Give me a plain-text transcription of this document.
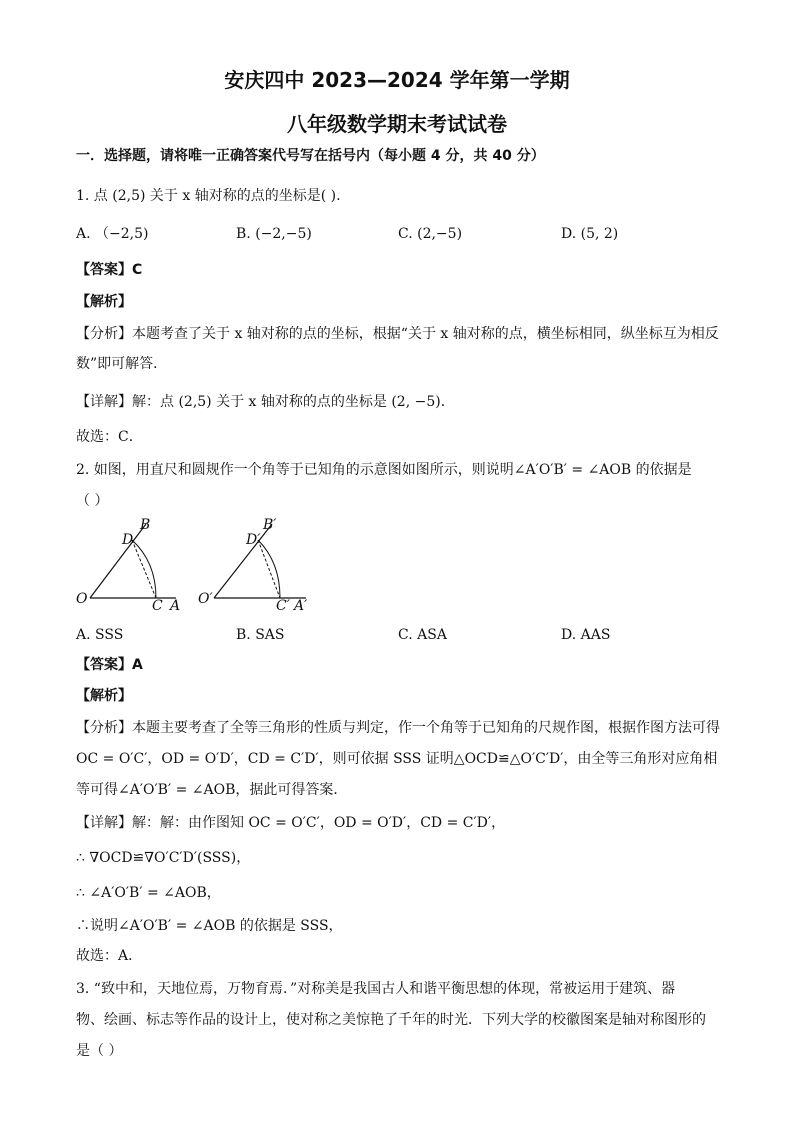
安庆四中 2023—2024 学年第一学期
八年级数学期末考试试卷
一．选择题，请将唯一正确答案代号写在括号内（每小题 4 分，共 40 分）
1. 点 (2,5) 关于 x 轴对称的点的坐标是( ).
A. （−2,5)	B. (−2,−5)	C. (2,−5)	D. (5, 2)
【答案】C
【解析】
【分析】本题考查了关于 x 轴对称的点的坐标，根据“关于 x 轴对称的点，横坐标相同，纵坐标互为相反
数”即可解答．
【详解】解：点 (2,5) 关于 x 轴对称的点的坐标是 (2, −5)．
故选：C．
2. 如图，用直尺和圆规作一个角等于已知角的示意图如图所示，则说明∠A′O′B′ = ∠AOB 的依据是
（ ）
B
D
O	C A
B′
D′
O′	C′ A′
A. SSS	B. SAS	C. ASA	D. AAS
【答案】A
【解析】
【分析】本题主要考查了全等三角形的性质与判定，作一个角等于已知角的尺规作图，根据作图方法可得
OC = O′C′，OD = O′D′，CD = C′D′，则可依据 SSS 证明△OCD≌△O′C′D′，由全等三角形对应角相
等可得∠A′O′B′ = ∠AOB，据此可得答案．
【详解】解：解：由作图知 OC = O′C′，OD = O′D′，CD = C′D′，
∴ ∇OCD≌∇O′C′D′(SSS)，
∴ ∠A′O′B′ = ∠AOB，
∴说明∠A′O′B′ = ∠AOB 的依据是 SSS，
故选：A．
3. “致中和，天地位焉，万物育焉．”对称美是我国古人和谐平衡思想的体现，常被运用于建筑、器
物、绘画、标志等作品的设计上，使对称之美惊艳了千年的时光．下列大学的校徽图案是轴对称图形的
是（ ）
